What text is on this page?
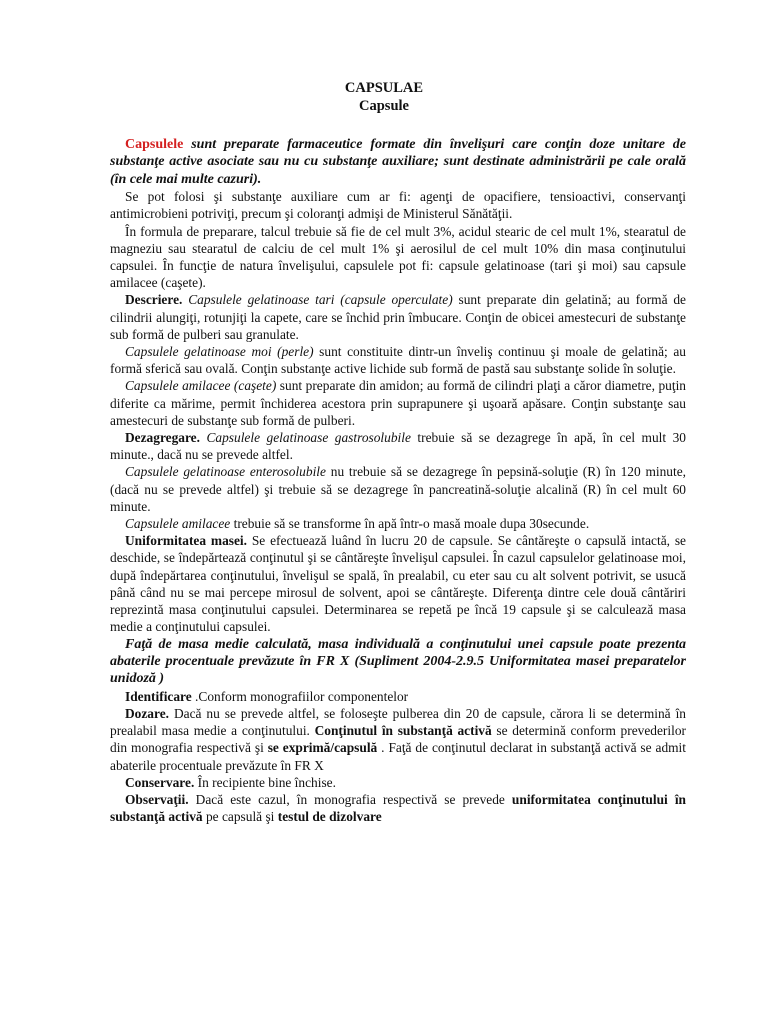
CAPSULAE
Capsule

Capsulele sunt preparate farmaceutice formate din învelişuri care conţin doze unitare de substanţe active asociate sau nu cu substanţe auxiliare; sunt destinate administrării pe cale orală (în cele mai multe cazuri).

Se pot folosi şi substanţe auxiliare cum ar fi: agenţi de opacifiere, tensioactivi, conservanţi antimicrobieni potriviţi, precum şi coloranţi admişi de Ministerul Sănătăţii.

În formula de preparare, talcul trebuie să fie de cel mult 3%, acidul stearic de cel mult 1%, stearatul de magneziu sau stearatul de calciu de cel mult 1% şi aerosilul de cel mult 10% din masa conţinutului capsulei. În funcţie de natura învelişului, capsulele pot fi: capsule gelatinoase (tari şi moi) sau capsule amilacee (caşete).

Descriere. Capsulele gelatinoase tari (capsule operculate) sunt preparate din gelatină; au formă de cilindrii alungiţi, rotunjiţi la capete, care se închid prin îmbucare. Conţin de obicei amestecuri de substanţe sub formă de pulberi sau granulate.

Capsulele gelatinoase moi (perle) sunt constituite dintr-un înveliş continuu şi moale de gelatină; au formă sferică sau ovală. Conţin substanţe active lichide sub formă de pastă sau substanţe solide în soluţie.

Capsulele amilacee (caşete) sunt preparate din amidon; au formă de cilindri plaţi a căror diametre, puţin diferite ca mărime, permit închiderea acestora prin suprapunere şi uşoară apăsare. Conţin substanţe sau amestecuri de substanţe sub formă de pulberi.

Dezagregare. Capsulele gelatinoase gastrosolubile trebuie să se dezagrege în apă, în cel mult 30 minute., dacă nu se prevede altfel.

Capsulele gelatinoase enterosolubile nu trebuie să se dezagrege în pepsină-soluţie (R) în 120 minute, (dacă nu se prevede altfel) şi trebuie să se dezagrege în pancreatină-soluţie alcalină (R) în cel mult 60 minute.

Capsulele amilacee trebuie să se transforme în apă într-o masă moale dupa 30secunde.

Uniformitatea masei. Se efectuează luând în lucru 20 de capsule. Se cântăreşte o capsulă intactă, se deschide, se îndepărtează conţinutul şi se cântăreşte învelişul capsulei. În cazul capsulelor gelatinoase moi, după îndepărtarea conţinutului, învelişul se spală, în prealabil, cu eter sau cu alt solvent potrivit, se usucă până când nu se mai percepe mirosul de solvent, apoi se cântăreşte. Diferenţa dintre cele două cântăriri reprezintă masa conţinutului capsulei. Determinarea se repetă pe încă 19 capsule şi se calculează masa medie a conţinutului capsulei.

Faţă de masa medie calculată, masa individuală a conţinutului unei capsule poate prezenta abaterile procentuale prevăzute în FR X (Supliment 2004-2.9.5 Uniformitatea masei preparatelor unidoză )

Identificare .Conform monografiilor componentelor

Dozare. Dacă nu se prevede altfel, se foloseşte pulberea din 20 de capsule, cărora li se determină în prealabil masa medie a conţinutului. Conţinutul în substanţă activă se determină conform prevederilor din monografia respectivă şi se exprimă/capsulă . Faţă de conţinutul declarat in substanţă activă se admit abaterile procentuale prevăzute în FR X

Conservare. În recipiente bine închise.

Observaţii. Dacă este cazul, în monografia respectivă se prevede uniformitatea conţinutului în substanţă activă pe capsulă şi testul de dizolvare
